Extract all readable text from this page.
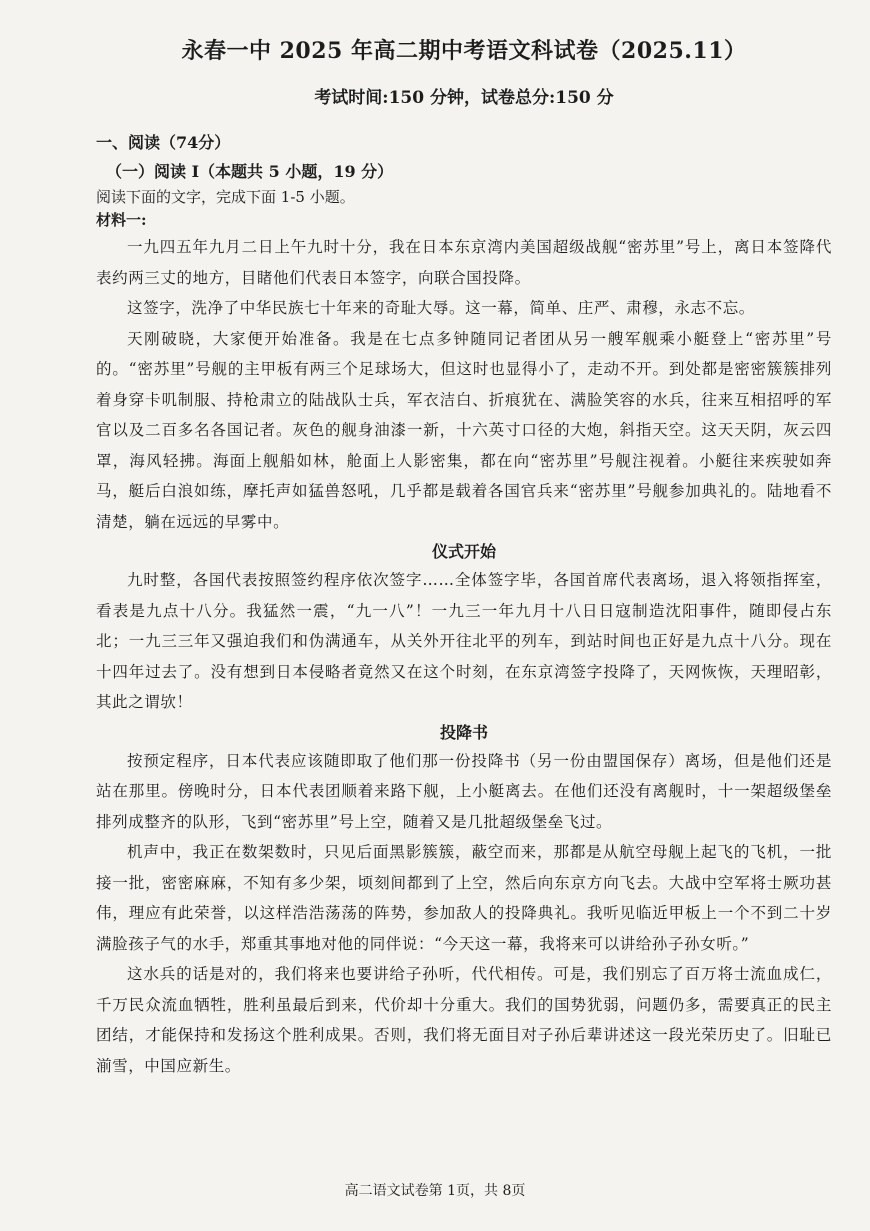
永春一中 2025 年高二期中考语文科试卷（2025.11）
考试时间:150 分钟，试卷总分:150 分
一、阅读（74分）
（一）阅读 I（本题共 5 小题，19 分）
阅读下面的文字，完成下面 1-5 小题。
材料一:

一九四五年九月二日上午九时十分，我在日本东京湾内美国超级战舰“密苏里”号上，离日本签降代表约两三丈的地方，目睹他们代表日本签字，向联合国投降。

这签字，洗净了中华民族七十年来的奇耻大辱。这一幕，简单、庄严、肃穆，永志不忘。

天刚破晓，大家便开始准备。我是在七点多钟随同记者团从另一艘军舰乘小艇登上“密苏里”号的。“密苏里”号舰的主甲板有两三个足球场大，但这时也显得小了，走动不开。到处都是密密簇簇排列着身穿卡叽制服、持枪肃立的陆战队士兵，军衣洁白、折痕犹在、满脸笑容的水兵，往来互相招呼的军官以及二百多名各国记者。灰色的舰身油漆一新，十六英寸口径的大炮，斜指天空。这天天阴，灰云四罩，海风轻拂。海面上舰船如林，舱面上人影密集，都在向“密苏里”号舰注视着。小艇往来疾驶如奔马，艇后白浪如练，摩托声如猛兽怒吼，几乎都是载着各国官兵来“密苏里”号舰参加典礼的。陆地看不清楚，躺在远远的早雾中。

仪式开始

九时整，各国代表按照签约程序依次签字……全体签字毕，各国首席代表离场，退入将领指挥室，看表是九点十八分。我猛然一震，“九一八”！一九三一年九月十八日日寇制造沈阳事件，随即侵占东北；一九三三年又强迫我们和伪满通车，从关外开往北平的列车，到站时间也正好是九点十八分。现在十四年过去了。没有想到日本侵略者竟然又在这个时刻，在东京湾签字投降了，天网恢恢，天理昭彰，其此之谓欤！

投降书

按预定程序，日本代表应该随即取了他们那一份投降书（另一份由盟国保存）离场，但是他们还是站在那里。傍晚时分，日本代表团顺着来路下舰，上小艇离去。在他们还没有离舰时，十一架超级堡垒排列成整齐的队形，飞到“密苏里”号上空，随着又是几批超级堡垒飞过。

机声中，我正在数架数时，只见后面黑影簇簇，蔽空而来，那都是从航空母舰上起飞的飞机，一批接一批，密密麻麻，不知有多少架，顷刻间都到了上空，然后向东京方向飞去。大战中空军将士厥功甚伟，理应有此荣誉，以这样浩浩荡荡的阵势，参加敌人的投降典礼。我听见临近甲板上一个不到二十岁满脸孩子气的水手，郑重其事地对他的同伴说：“今天这一幕，我将来可以讲给孙子孙女听。”

这水兵的话是对的，我们将来也要讲给子孙听，代代相传。可是，我们别忘了百万将士流血成仁，千万民众流血牺牲，胜利虽最后到来，代价却十分重大。我们的国势犹弱，问题仍多，需要真正的民主团结，才能保持和发扬这个胜利成果。否则，我们将无面目对子孙后辈讲述这一段光荣历史了。旧耻已湔雪，中国应新生。

高二语文试卷第 1页，共 8页
